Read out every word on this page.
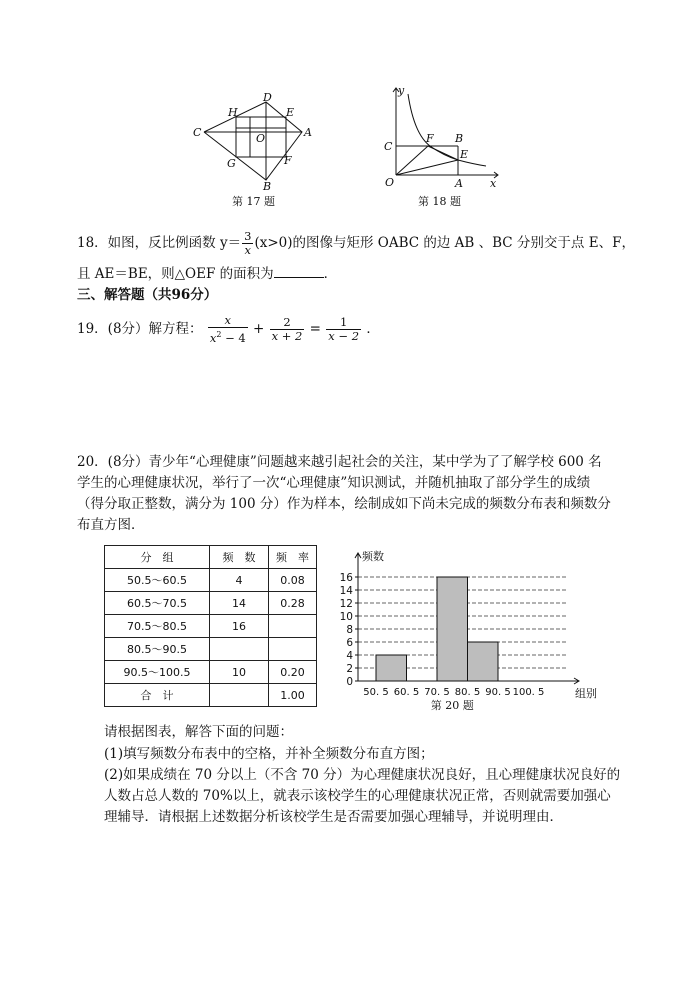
C
H
D
E
A
O
G	F
B
第 17 题
y
C
F B
E
O	A x
第 18 题
18．如图，反比例函数 $y= \frac{3}{x} (x>0)$的图像与矩形 OABC 的边 AB 、BC 分别交于点 E、F，
且 AE＝BE，则△OEF 的面积为	．
三、解答题（共96分）
19．(8分）解方程： $\frac{x}{x^2 - 4} + \frac{2}{x + 2} = \frac{1}{x - 2}$ ．
20．(8分）青少年“心理健康”问题越来越引起社会的关注，某中学为了了解学校 600 名
学生的心理健康状况，举行了一次“心理健康”知识测试，并随机抽取了部分学生的成绩
（得分取正整数，满分为 100 分）作为样本，绘制成如下尚未完成的频数分布表和频数分
布直方图．
分　组	频　数	频　率
50.5～60.5	4	0.08
60.5～70.5	14	0.28
70.5～80.5	16	
80.5～90.5		
90.5～100.5	10	0.20
合　计		1.00
0
2
4
6
8
10
12
14
16
频数
50. 5 60. 5 70. 5 80. 5 90. 5 100. 5	组别
第 20 题
请根据图表，解答下面的问题：
(1)填写频数分布表中的空格，并补全频数分布直方图；
(2)如果成绩在 70 分以上（不含 70 分）为心理健康状况良好，且心理健康状况良好的
人数占总人数的 70%以上，就表示该校学生的心理健康状况正常，否则就需要加强心
理辅导．请根据上述数据分析该校学生是否需要加强心理辅导，并说明理由．
